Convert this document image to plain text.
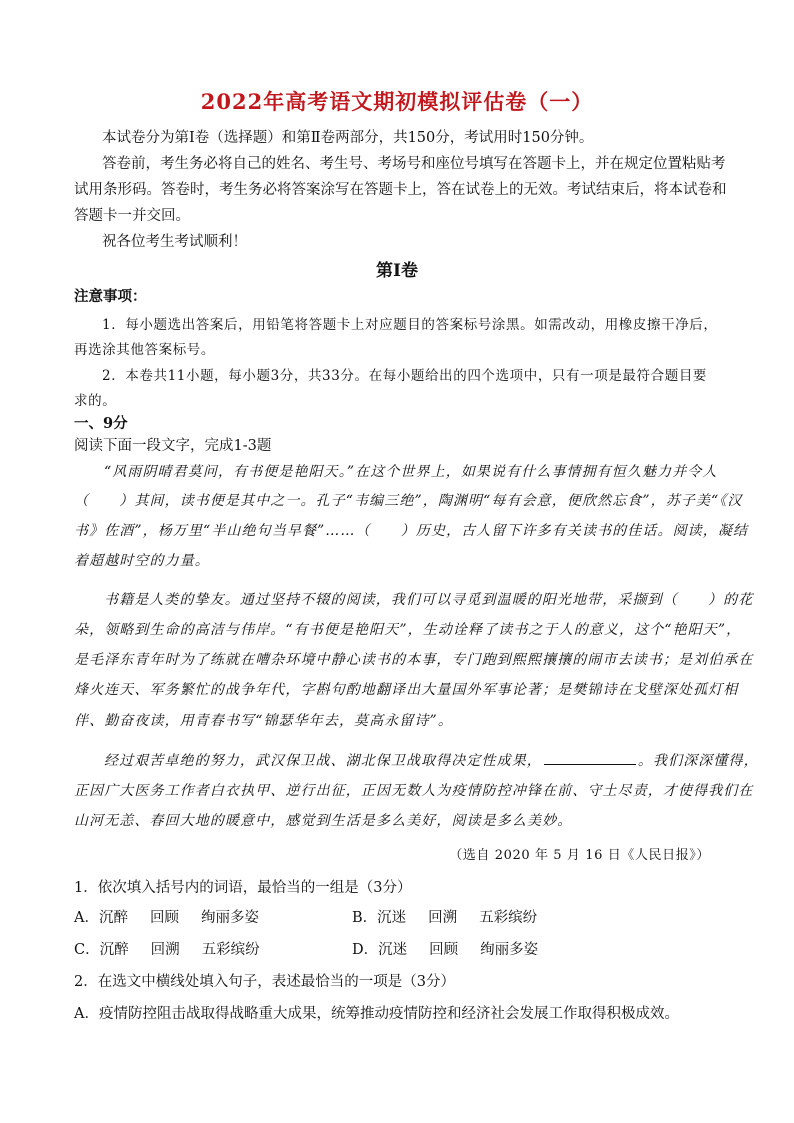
2022年高考语文期初模拟评估卷（一）
本试卷分为第Ⅰ卷（选择题）和第Ⅱ卷两部分，共150分，考试用时150分钟。
答卷前，考生务必将自己的姓名、考生号、考场号和座位号填写在答题卡上，并在规定位置粘贴考
试用条形码。答卷时，考生务必将答案涂写在答题卡上，答在试卷上的无效。考试结束后，将本试卷和
答题卡一并交回。
祝各位考生考试顺利！
第Ⅰ卷
注意事项：
1．每小题选出答案后，用铅笔将答题卡上对应题目的答案标号涂黑。如需改动，用橡皮擦干净后，
再选涂其他答案标号。
2．本卷共11小题，每小题3分，共33分。在每小题给出的四个选项中，只有一项是最符合题目要
求的。
一、9分
阅读下面一段文字，完成1-3题
“风雨阴晴君莫问，有书便是艳阳天。”在这个世界上，如果说有什么事情拥有恒久魅力并令人
（　　）其间，读书便是其中之一。孔子“韦编三绝”，陶渊明“每有会意，便欣然忘食”，苏子美“《汉
书》佐酒”，杨万里“半山绝句当早餐”……（　　）历史，古人留下许多有关读书的佳话。阅读，凝结
着超越时空的力量。
书籍是人类的挚友。通过坚持不辍的阅读，我们可以寻觅到温暖的阳光地带，采撷到（　　）的花
朵，领略到生命的高洁与伟岸。“有书便是艳阳天”，生动诠释了读书之于人的意义，这个“艳阳天”，
是毛泽东青年时为了练就在嘈杂环境中静心读书的本事，专门跑到熙熙攘攘的闹市去读书；是刘伯承在
烽火连天、军务繁忙的战争年代，字斟句酌地翻译出大量国外军事论著；是樊锦诗在戈壁深处孤灯相
伴、勤奋夜读，用青春书写“锦瑟华年去，莫高永留诗”。
经过艰苦卓绝的努力，武汉保卫战、湖北保卫战取得决定性成果，	。我们深深懂得，
正因广大医务工作者白衣执甲、逆行出征，正因无数人为疫情防控冲锋在前、守土尽责，才使得我们在
山河无恙、春回大地的暖意中，感觉到生活是多么美好，阅读是多么美妙。
（选自 2020 年 5 月 16 日《人民日报》）
1．依次填入括号内的词语，最恰当的一组是（3分）
A．沉醉 回顾 绚丽多姿	B．沉迷 回溯 五彩缤纷
C．沉醉 回溯 五彩缤纷	D．沉迷 回顾 绚丽多姿
2．在选文中横线处填入句子，表述最恰当的一项是（3分）
A．疫情防控阻击战取得战略重大成果，统筹推动疫情防控和经济社会发展工作取得积极成效。
